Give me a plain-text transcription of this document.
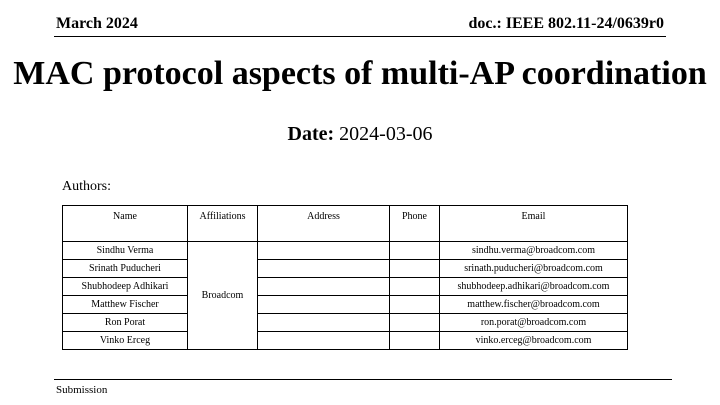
March 2024	doc.: IEEE 802.11-24/0639r0
MAC protocol aspects of multi-AP coordination
Date: 2024-03-06
Authors:
Name	Affiliations	Address	Phone	Email
Sindhu Verma	Broadcom			sindhu.verma@broadcom.com
Srinath Puducheri				srinath.puducheri@broadcom.com
Shubhodeep Adhikari				shubhodeep.adhikari@broadcom.com
Matthew Fischer				matthew.fischer@broadcom.com
Ron Porat				ron.porat@broadcom.com
Vinko Erceg				vinko.erceg@broadcom.com
Submission
